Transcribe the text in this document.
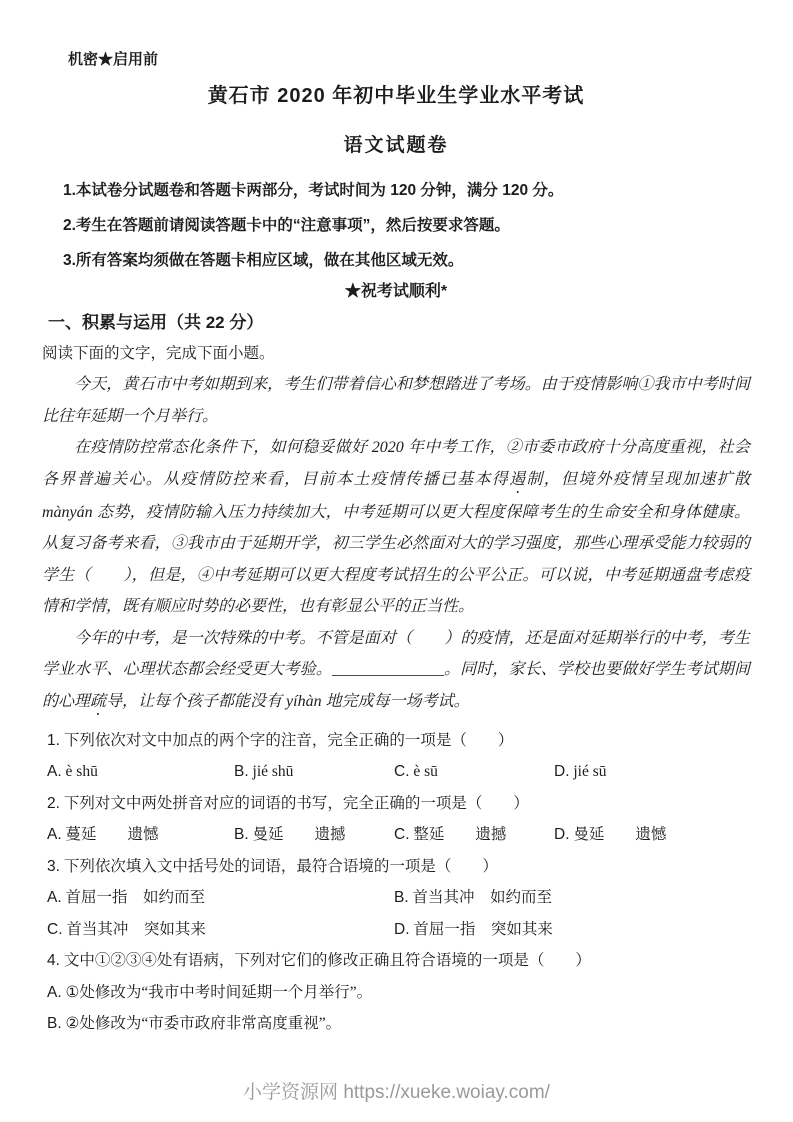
机密★启用前

黄石市 2020 年初中毕业生学业水平考试
语文试题卷

1.本试卷分试题卷和答题卡两部分，考试时间为 120 分钟，满分 120 分。

2.考生在答题前请阅读答题卡中的“注意事项”，然后按要求答题。

3.所有答案均须做在答题卡相应区域，做在其他区域无效。

★祝考试顺利*

一、积累与运用（共 22 分）

阅读下面的文字，完成下面小题。

今天，黄石市中考如期到来，考生们带着信心和梦想踏进了考场。由于疫情影响①我市中考时间比往年延期一个月举行。

在疫情防控常态化条件下，如何稳妥做好 2020 年中考工作，②市委市政府十分高度重视，社会各界普遍关心。从疫情防控来看，目前本土疫情传播已基本得遏制，但境外疫情呈现加速扩散 mànyán 态势，疫情防输入压力持续加大，中考延期可以更大程度保障考生的生命安全和身体健康。从复习备考来看，③我市由于延期开学，初三学生必然面对大的学习强度，那些心理承受能力较弱的学生（　　），但是，④中考延期可以更大程度考试招生的公平公正。可以说，中考延期通盘考虑疫情和学情，既有顺应时势的必要性，也有彰显公平的正当性。

今年的中考，是一次特殊的中考。不管是面对（　　）的疫情，还是面对延期举行的中考，考生学业水平、心理状态都会经受更大考验。______________。同时，家长、学校也要做好学生考试期间的心理疏导，让每个孩子都能没有 yíhàn 地完成每一场考试。

1. 下列依次对文中加点的两个字的注音，完全正确的一项是（　　）

A. è shū	B. jié shū	C. è sū	D. jié sū

2. 下列对文中两处拼音对应的词语的书写，完全正确的一项是（　　）

A. 蔓延　　遗憾	B. 曼延　　遗撼	C. 整延　　遗撼	D. 曼延　　遗憾

3. 下列依次填入文中括号处的词语，最符合语境的一项是（　　）

A. 首屈一指　如约而至	B. 首当其冲　如约而至
C. 首当其冲　突如其来	D. 首屈一指　突如其来

4. 文中①②③④处有语病，下列对它们的修改正确且符合语境的一项是（　　）

A. ①处修改为“我市中考时间延期一个月举行”。
B. ②处修改为“市委市政府非常高度重视”。

小学资源网 https://xueke.woiay.com/
